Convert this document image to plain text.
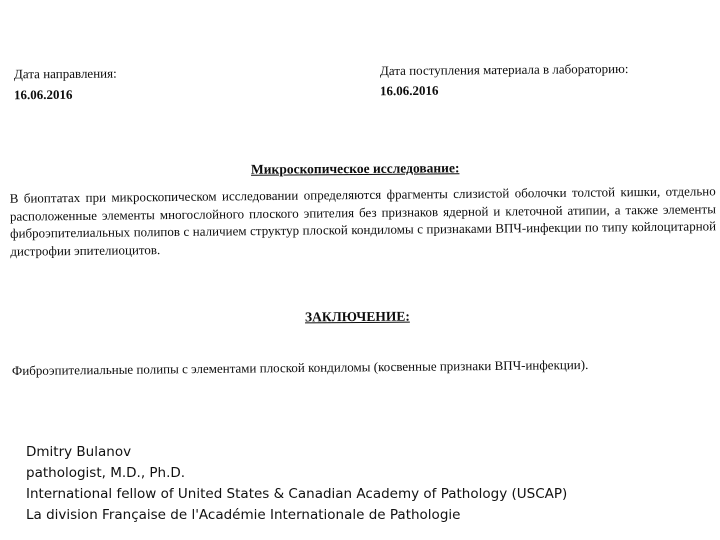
Дата направления:
16.06.2016
Дата поступления материала в лабораторию:
16.06.2016
Микроскопическое исследование:
В биоптатах при микроскопическом исследовании определяются фрагменты слизистой оболочки толстой кишки, отдельно расположенные элементы многослойного плоского эпителия без признаков ядерной и клеточной атипии, а также элементы фиброэпителиальных полипов с наличием структур плоской кондиломы с признаками ВПЧ-инфекции по типу койлоцитарной дистрофии эпителиоцитов.
ЗАКЛЮЧЕНИЕ:
Фиброэпителиальные полипы с элементами плоской кондиломы (косвенные признаки ВПЧ-инфекции).
Dmitry Bulanov
pathologist, M.D., Ph.D.
International fellow of United States & Canadian Academy of Pathology (USCAP)
La division Française de l'Académie Internationale de Pathologie
